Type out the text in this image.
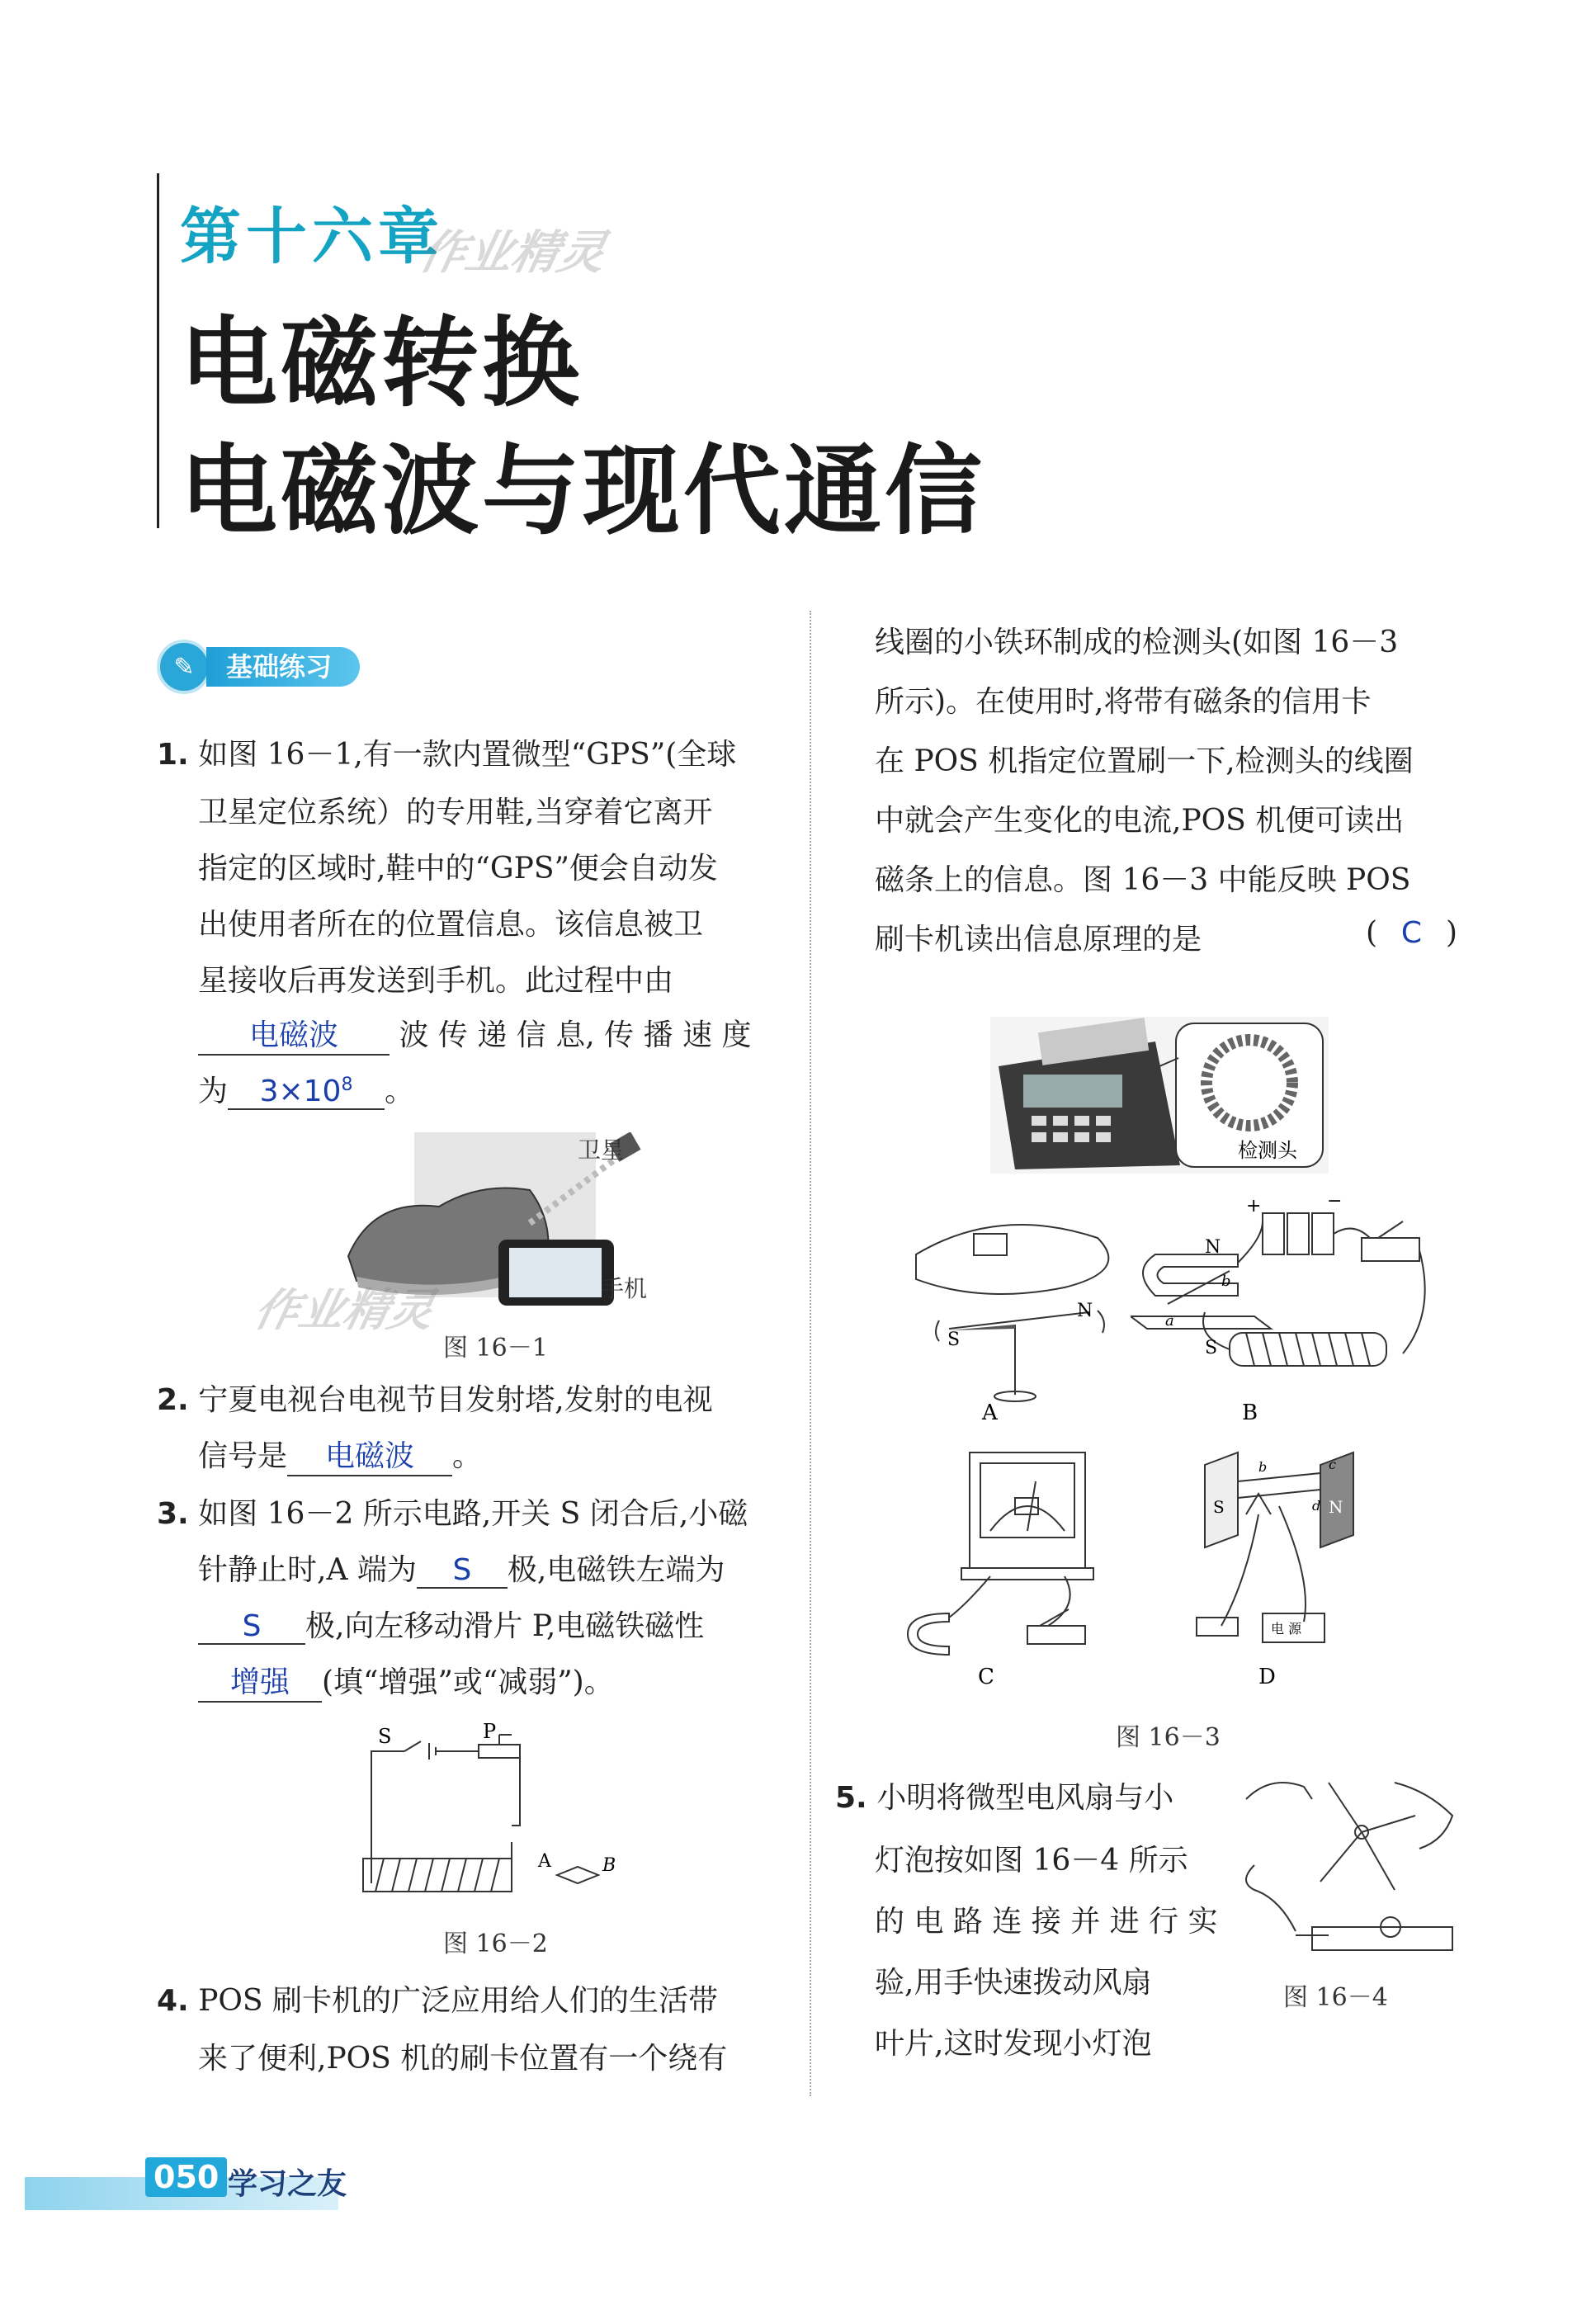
第十六章
作业精灵
电磁转换
电磁波与现代通信
✎	基础练习
1. 如图 16－1,有一款内置微型“GPS”(全球
卫星定位系统）的专用鞋,当穿着它离开
指定的区域时,鞋中的“GPS”便会自动发
出使用者所在的位置信息。该信息被卫
星接收后再发送到手机。此过程中由
电磁波 波 传 递 信 息, 传 播 速 度
为 $3\times 10^8$ 。
卫星
手机
作业精灵
图 16－1
2. 宁夏电视台电视节目发射塔,发射的电视
信号是 电磁波 。
3. 如图 16－2 所示电路,开关 S 闭合后,小磁
针静止时,A 端为 S 极,电磁铁左端为
S 极,向左移动滑片 P,电磁铁磁性
增强 (填“增强”或“减弱”)。
S	P
A	B
图 16－2
4. POS 刷卡机的广泛应用给人们的生活带
来了便利,POS 机的刷卡位置有一个绕有
线圈的小铁环制成的检测头(如图 16－3
所示)。在使用时,将带有磁条的信用卡
在 POS 机指定位置刷一下,检测头的线圈
中就会产生变化的电流,POS 机便可读出
磁条上的信息。图 16－3 中能反映 POS
刷卡机读出信息原理的是	( C )
检测头
S
N
A
+	−
N
S
b
a
B
C
S	N
b	c
d
电 源
D
图 16－3
5. 小明将微型电风扇与小
灯泡按如图 16－4 所示
的 电 路 连 接 并 进 行 实
验,用手快速拨动风扇
叶片,这时发现小灯泡
图 16－4
050 学习之友
